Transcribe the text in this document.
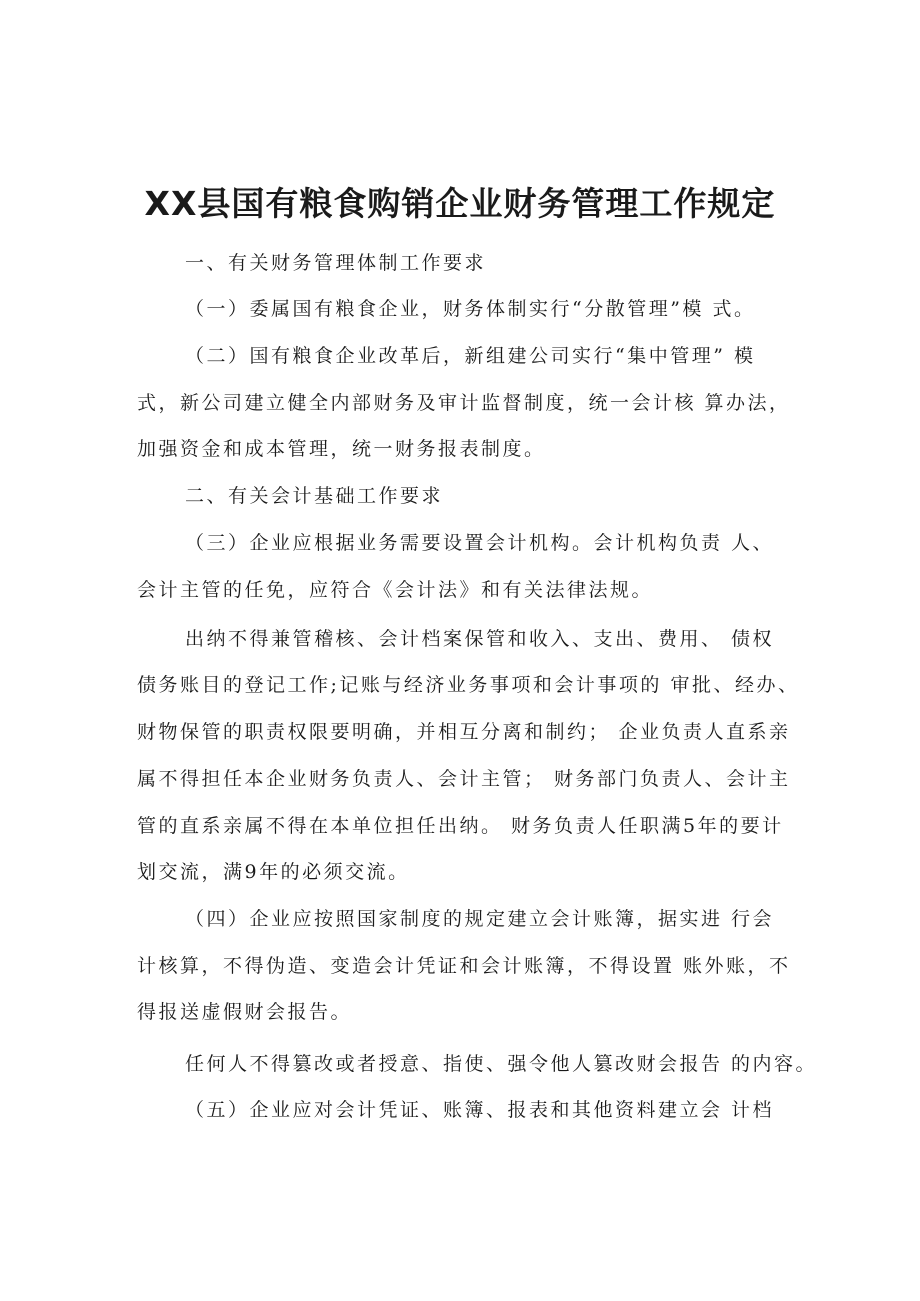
XX县国有粮食购销企业财务管理工作规定
一、有关财务管理体制工作要求
（一）委属国有粮食企业，财务体制实行“分散管理”模 式。
（二）国有粮食企业改革后，新组建公司实行“集中管理” 模
式，新公司建立健全内部财务及审计监督制度，统一会计核 算办法，
加强资金和成本管理，统一财务报表制度。
二、有关会计基础工作要求
（三）企业应根据业务需要设置会计机构。会计机构负责 人、
会计主管的任免，应符合《会计法》和有关法律法规。
出纳不得兼管稽核、会计档案保管和收入、支出、费用、 债权
债务账目的登记工作;记账与经济业务事项和会计事项的 审批、经办、
财物保管的职责权限要明确，并相互分离和制约； 企业负责人直系亲
属不得担任本企业财务负责人、会计主管； 财务部门负责人、会计主
管的直系亲属不得在本单位担任出纳。 财务负责人任职满5年的要计
划交流，满9年的必须交流。
（四）企业应按照国家制度的规定建立会计账簿，据实进 行会
计核算，不得伪造、变造会计凭证和会计账簿，不得设置 账外账，不
得报送虚假财会报告。
任何人不得篡改或者授意、指使、强令他人篡改财会报告 的内容。
（五）企业应对会计凭证、账簿、报表和其他资料建立会 计档
